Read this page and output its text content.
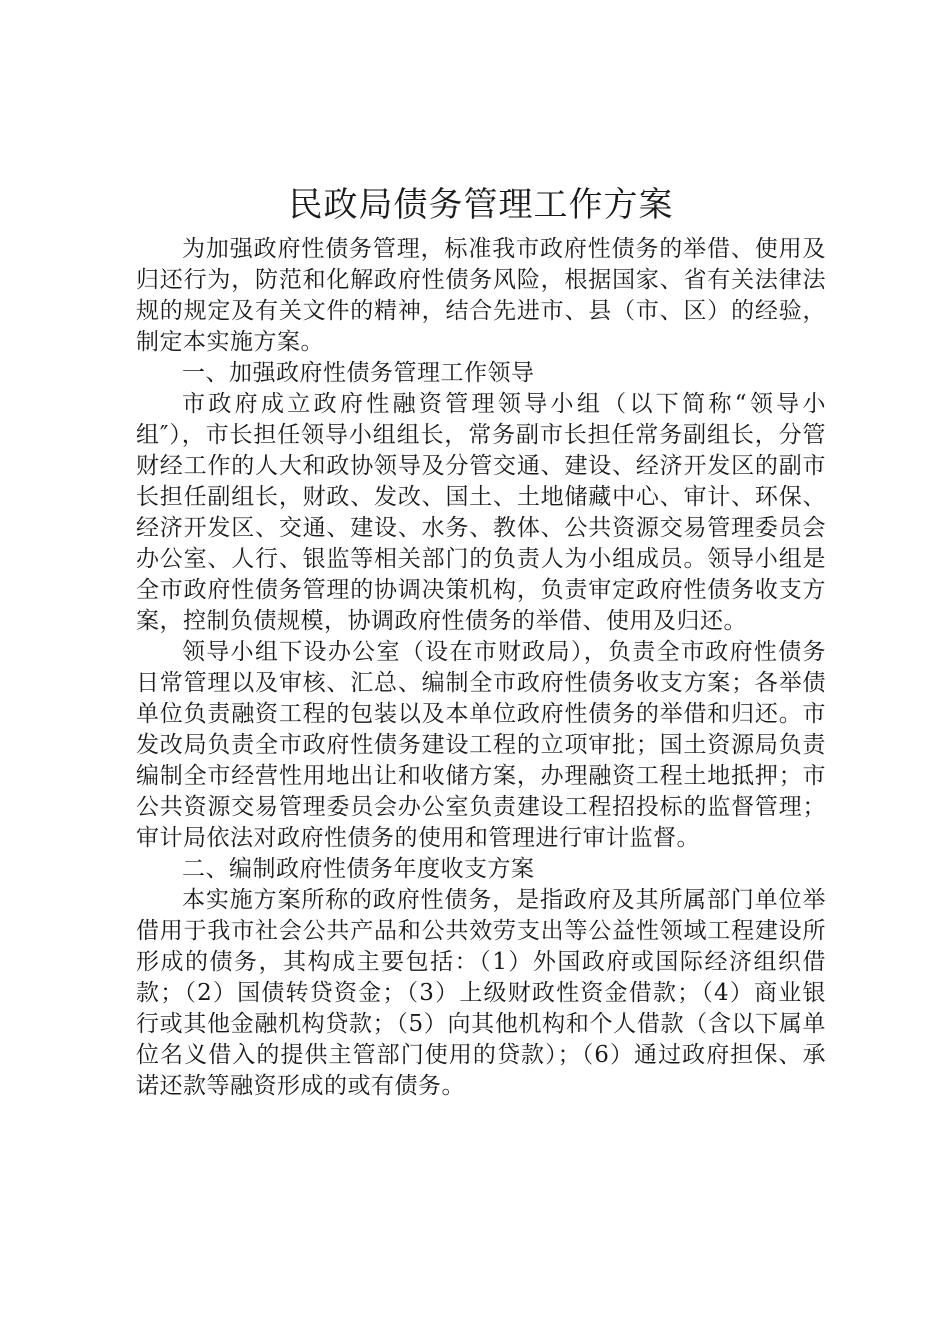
民政局债务管理工作方案

为加强政府性债务管理，标准我市政府性债务的举借、使用及归还行为，防范和化解政府性债务风险，根据国家、省有关法律法规的规定及有关文件的精神，结合先进市、县（市、区）的经验，制定本实施方案。

一、加强政府性债务管理工作领导

市政府成立政府性融资管理领导小组（以下简称“领导小组″），市长担任领导小组组长，常务副市长担任常务副组长，分管财经工作的人大和政协领导及分管交通、建设、经济开发区的副市长担任副组长，财政、发改、国土、土地储藏中心、审计、环保、经济开发区、交通、建设、水务、教体、公共资源交易管理委员会办公室、人行、银监等相关部门的负责人为小组成员。领导小组是全市政府性债务管理的协调决策机构，负责审定政府性债务收支方案，控制负债规模，协调政府性债务的举借、使用及归还。

领导小组下设办公室（设在市财政局），负责全市政府性债务日常管理以及审核、汇总、编制全市政府性债务收支方案；各举债单位负责融资工程的包装以及本单位政府性债务的举借和归还。市发改局负责全市政府性债务建设工程的立项审批；国土资源局负责编制全市经营性用地出让和收储方案，办理融资工程土地抵押；市公共资源交易管理委员会办公室负责建设工程招投标的监督管理；审计局依法对政府性债务的使用和管理进行审计监督。

二、编制政府性债务年度收支方案

本实施方案所称的政府性债务，是指政府及其所属部门单位举借用于我市社会公共产品和公共效劳支出等公益性领域工程建设所形成的债务，其构成主要包括：（1）外国政府或国际经济组织借款；（2）国债转贷资金；（3）上级财政性资金借款；（4）商业银行或其他金融机构贷款；（5）向其他机构和个人借款（含以下属单位名义借入的提供主管部门使用的贷款）；（6）通过政府担保、承诺还款等融资形成的或有债务。
